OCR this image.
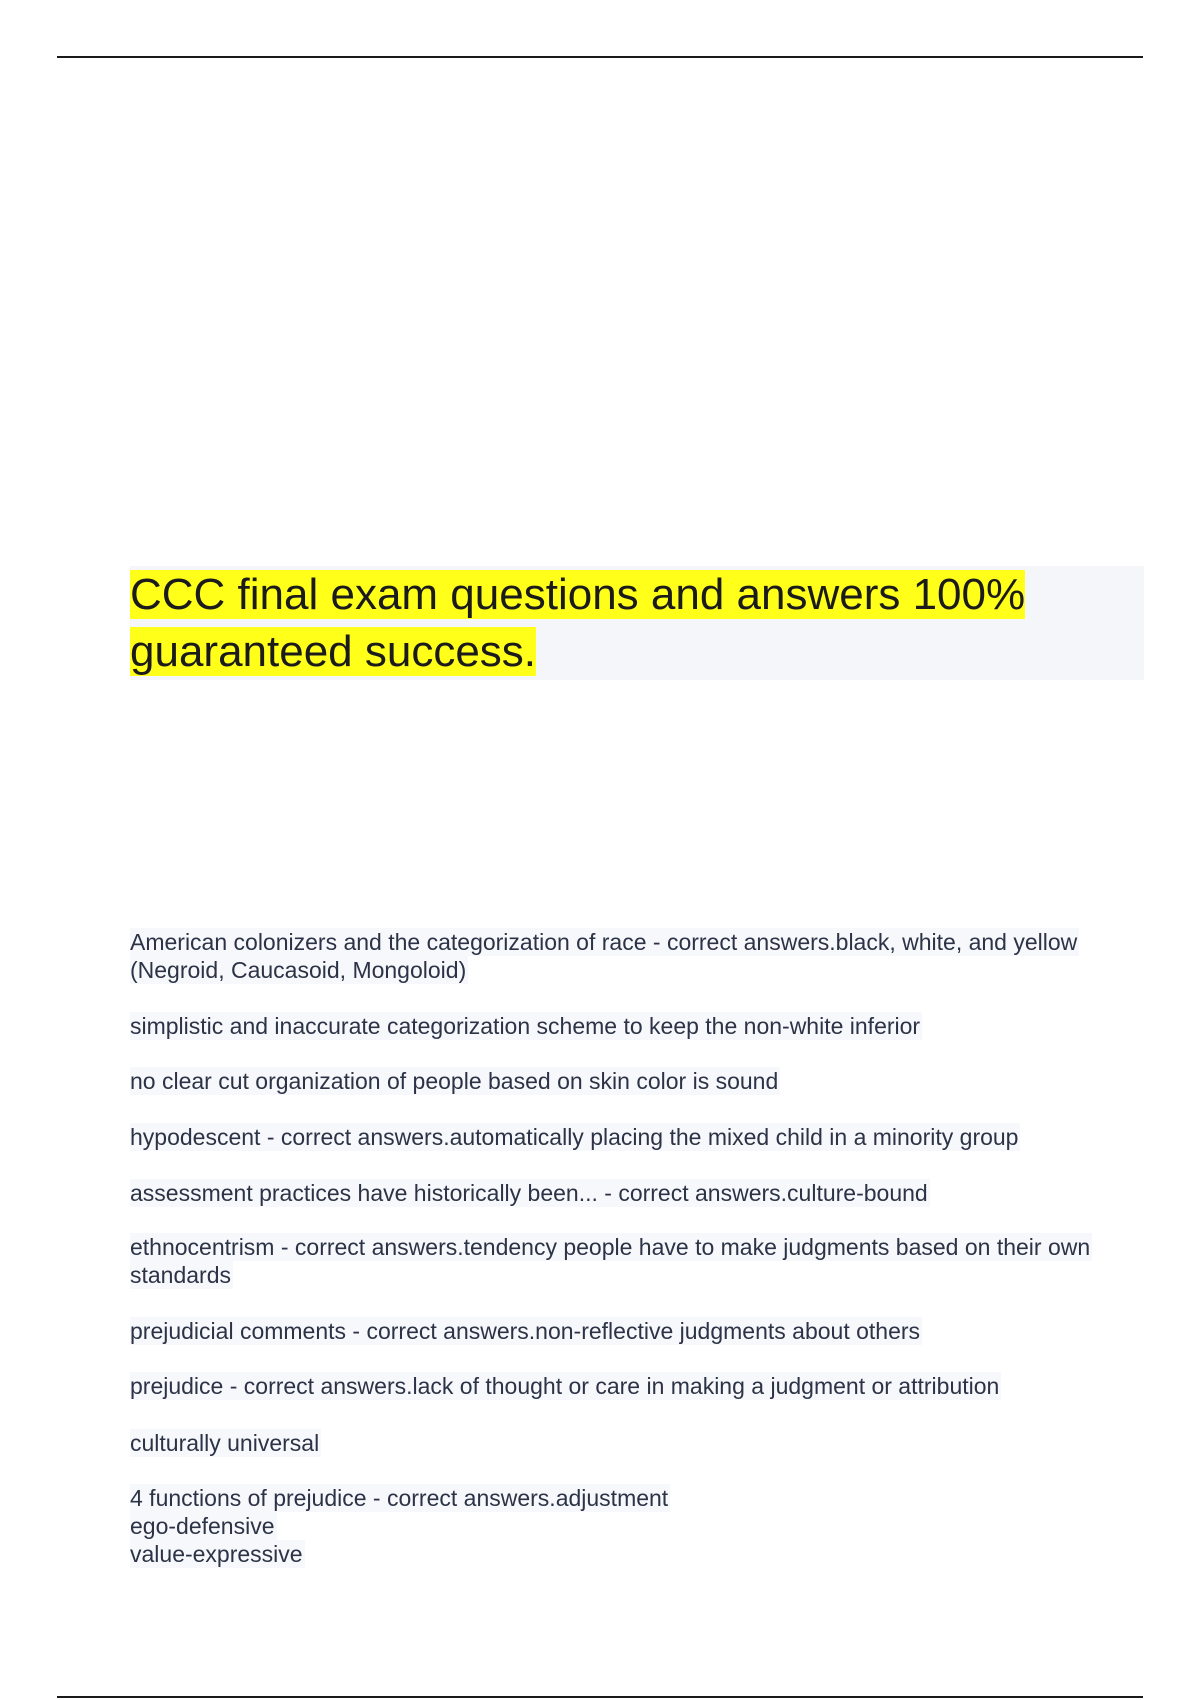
CCC final exam questions and answers 100% guaranteed success.

American colonizers and the categorization of race - correct answers.black, white, and yellow
(Negroid, Caucasoid, Mongoloid)

simplistic and inaccurate categorization scheme to keep the non-white inferior

no clear cut organization of people based on skin color is sound

hypodescent - correct answers.automatically placing the mixed child in a minority group

assessment practices have historically been... - correct answers.culture-bound

ethnocentrism - correct answers.tendency people have to make judgments based on their own
standards

prejudicial comments - correct answers.non-reflective judgments about others

prejudice - correct answers.lack of thought or care in making a judgment or attribution

culturally universal

4 functions of prejudice - correct answers.adjustment
ego-defensive
value-expressive
